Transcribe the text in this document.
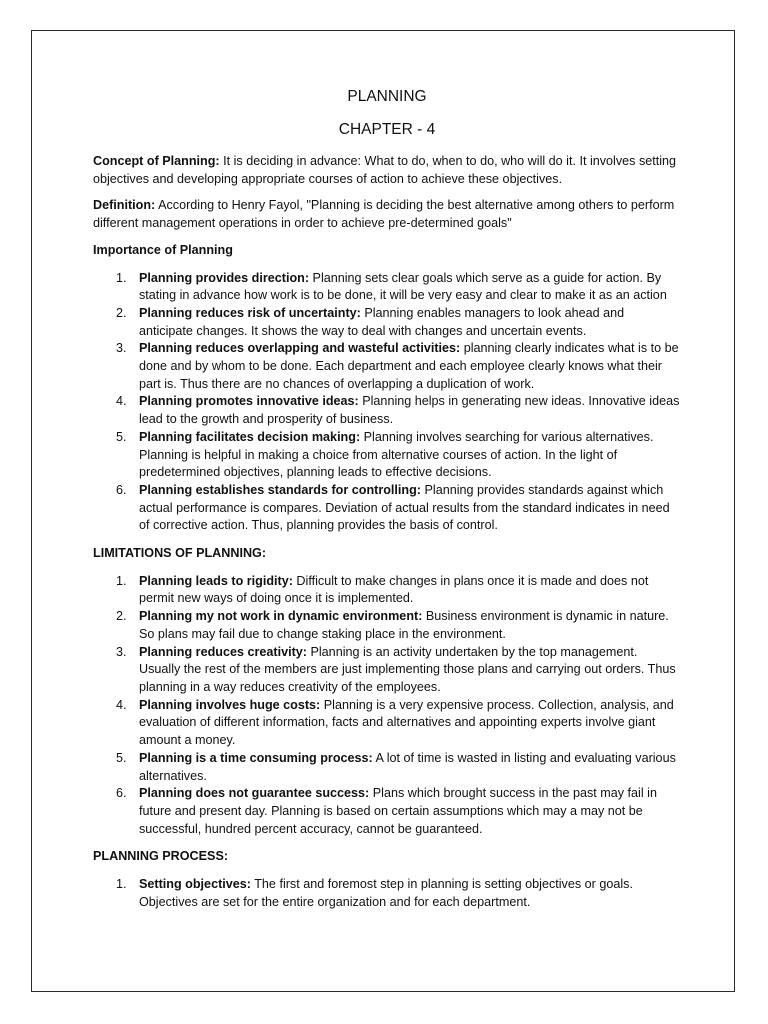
PLANNING

CHAPTER - 4

Concept of Planning: It is deciding in advance: What to do, when to do, who will do it. It involves setting objectives and developing appropriate courses of action to achieve these objectives.

Definition: According to Henry Fayol, "Planning is deciding the best alternative among others to perform different management operations in order to achieve pre-determined goals"

Importance of Planning
1. Planning provides direction: Planning sets clear goals which serve as a guide for action. By stating in advance how work is to be done, it will be very easy and clear to make it as an action
2. Planning reduces risk of uncertainty: Planning enables managers to look ahead and anticipate changes. It shows the way to deal with changes and uncertain events.
3. Planning reduces overlapping and wasteful activities: planning clearly indicates what is to be done and by whom to be done. Each department and each employee clearly knows what their part is. Thus there are no chances of overlapping a duplication of work.
4. Planning promotes innovative ideas: Planning helps in generating new ideas. Innovative ideas lead to the growth and prosperity of business.
5. Planning facilitates decision making: Planning involves searching for various alternatives. Planning is helpful in making a choice from alternative courses of action. In the light of predetermined objectives, planning leads to effective decisions.
6. Planning establishes standards for controlling: Planning provides standards against which actual performance is compares. Deviation of actual results from the standard indicates in need of corrective action. Thus, planning provides the basis of control.
LIMITATIONS OF PLANNING:
1. Planning leads to rigidity: Difficult to make changes in plans once it is made and does not permit new ways of doing once it is implemented.
2. Planning my not work in dynamic environment: Business environment is dynamic in nature. So plans may fail due to change staking place in the environment.
3. Planning reduces creativity: Planning is an activity undertaken by the top management. Usually the rest of the members are just implementing those plans and carrying out orders. Thus planning in a way reduces creativity of the employees.
4. Planning involves huge costs: Planning is a very expensive process. Collection, analysis, and evaluation of different information, facts and alternatives and appointing experts involve giant amount a money.
5. Planning is a time consuming process: A lot of time is wasted in listing and evaluating various alternatives.
6. Planning does not guarantee success: Plans which brought success in the past may fail in future and present day. Planning is based on certain assumptions which may a may not be successful, hundred percent accuracy, cannot be guaranteed.
PLANNING PROCESS:
1. Setting objectives: The first and foremost step in planning is setting objectives or goals. Objectives are set for the entire organization and for each department.
